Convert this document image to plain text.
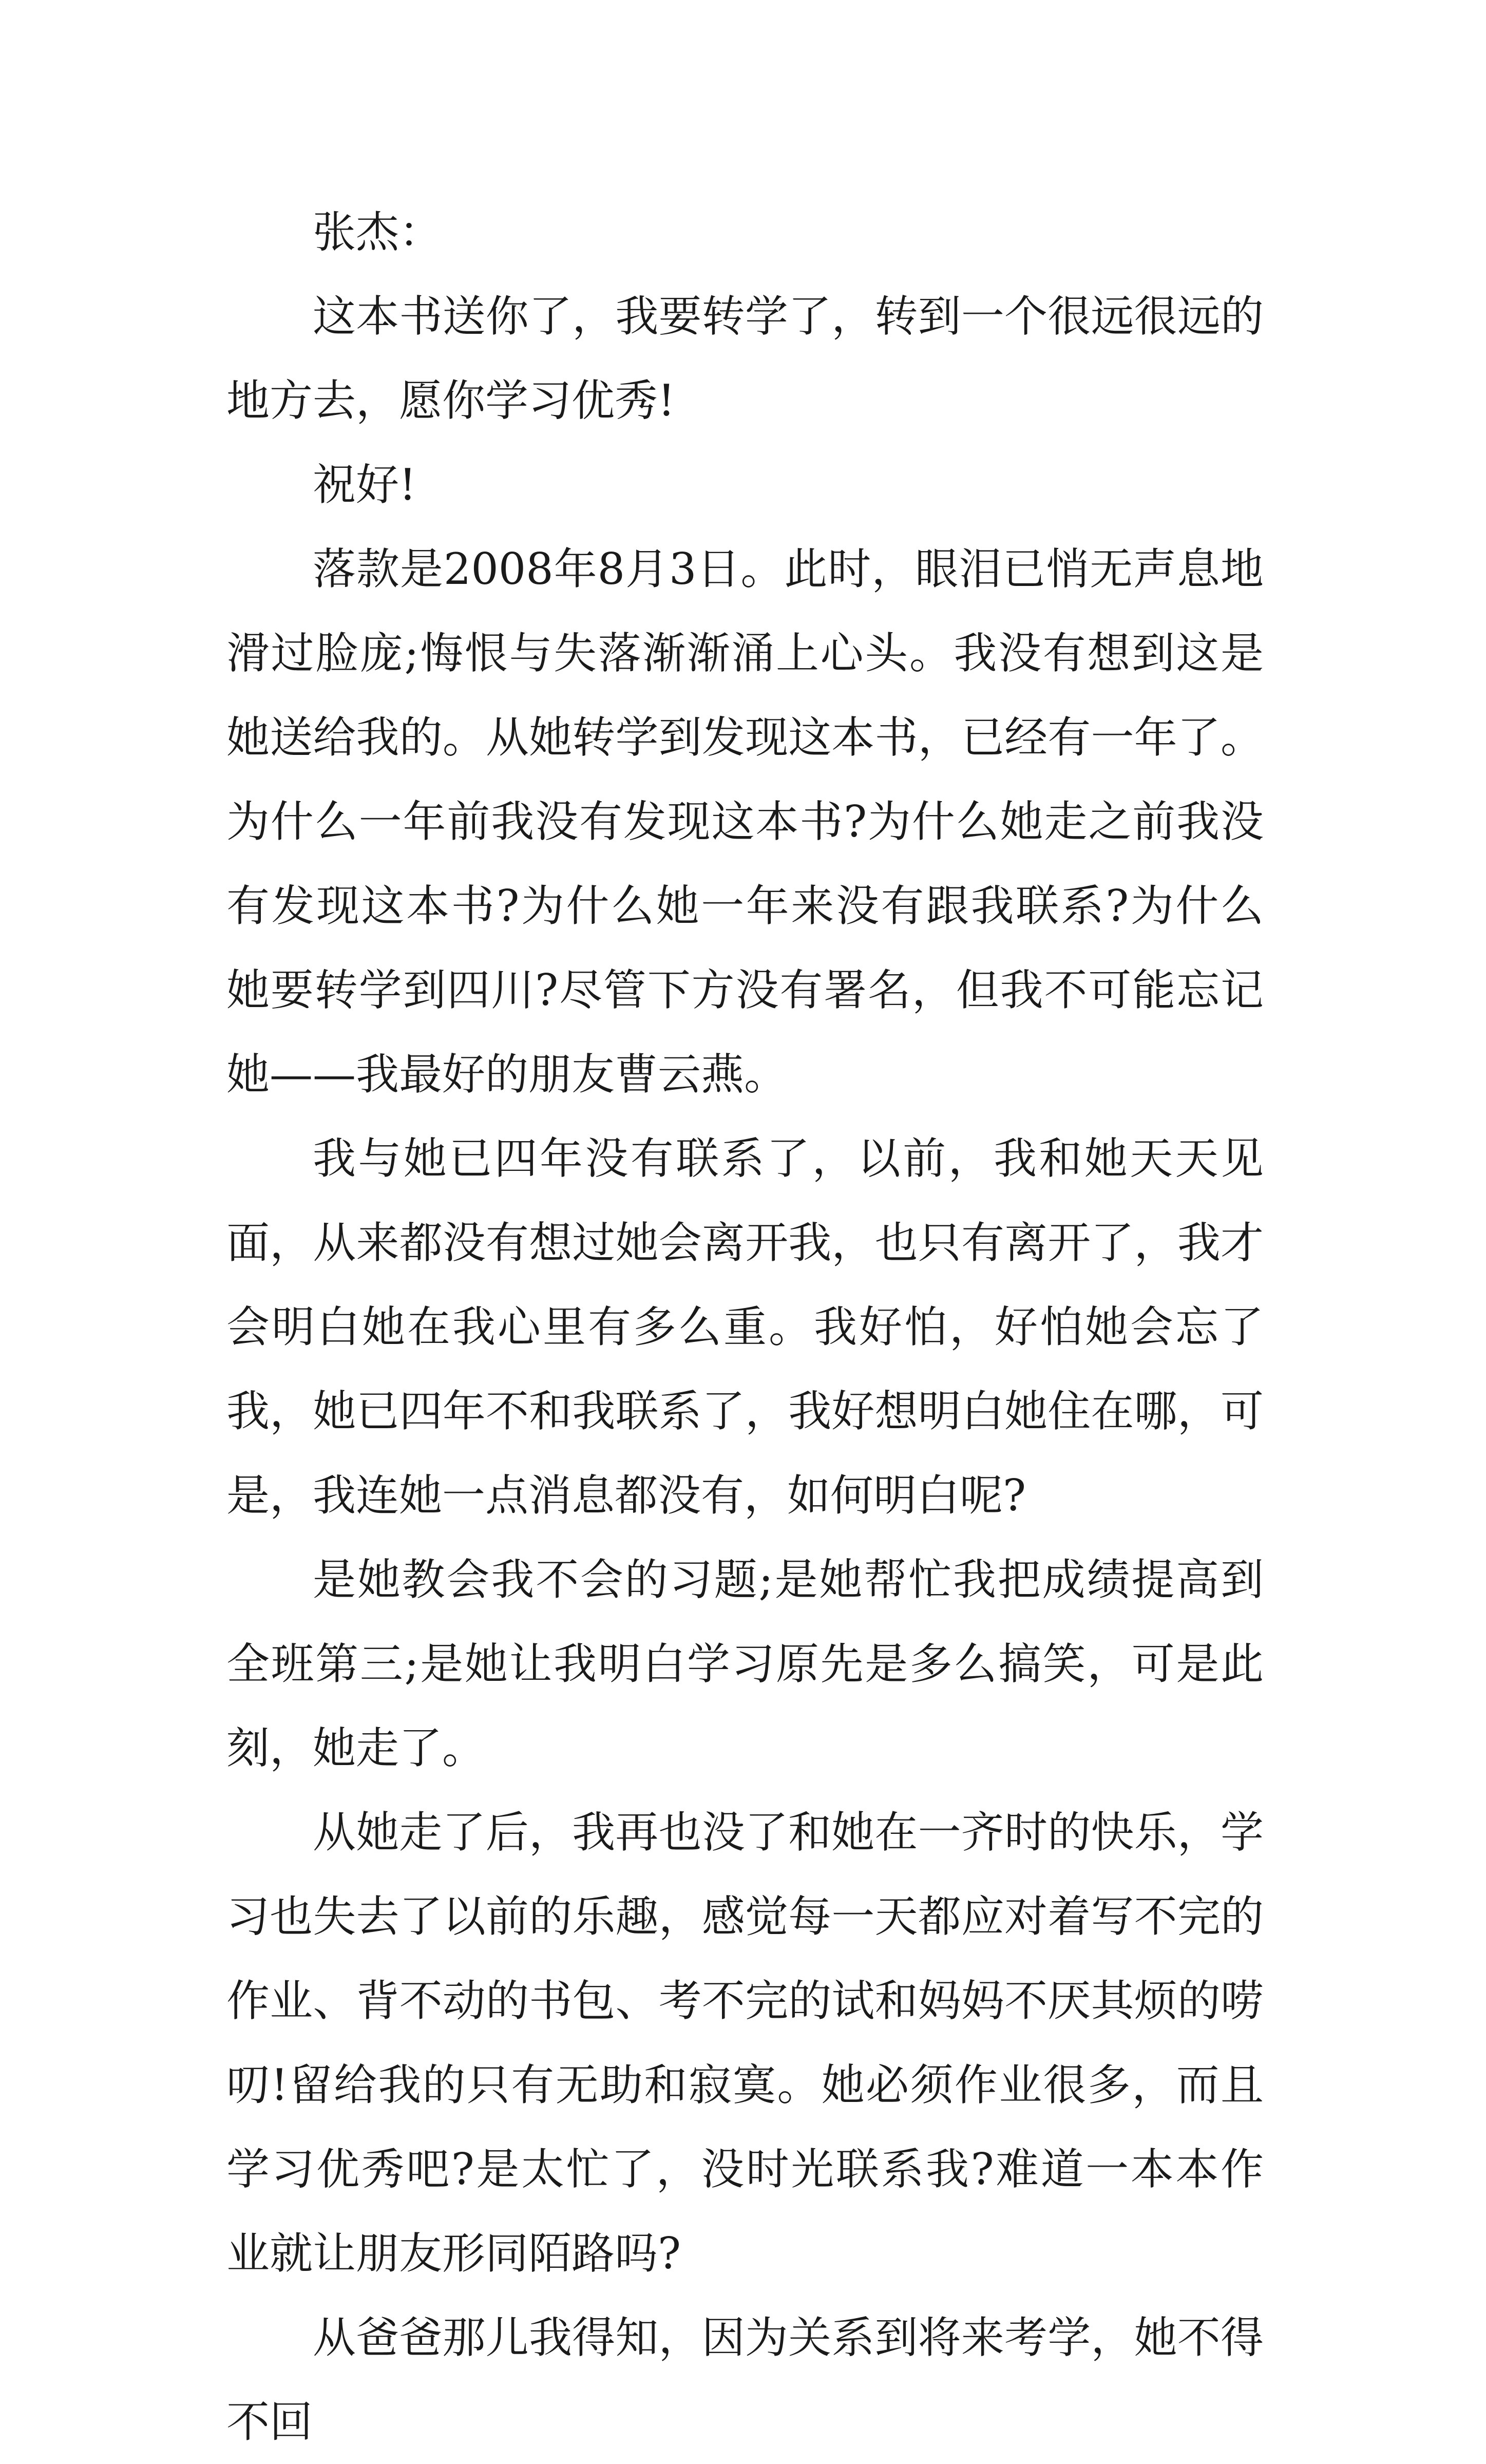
张杰：

这本书送你了，我要转学了，转到一个很远很远的地方去，愿你学习优秀!

祝好!

落款是2008年8月3日。此时，眼泪已悄无声息地滑过脸庞;悔恨与失落渐渐涌上心头。我没有想到这是她送给我的。从她转学到发现这本书，已经有一年了。为什么一年前我没有发现这本书?为什么她走之前我没有发现这本书?为什么她一年来没有跟我联系?为什么她要转学到四川?尽管下方没有署名，但我不可能忘记她——我最好的朋友曹云燕。

我与她已四年没有联系了，以前，我和她天天见面，从来都没有想过她会离开我，也只有离开了，我才会明白她在我心里有多么重。我好怕，好怕她会忘了我，她已四年不和我联系了，我好想明白她住在哪，可是，我连她一点消息都没有，如何明白呢?

是她教会我不会的习题;是她帮忙我把成绩提高到全班第三;是她让我明白学习原先是多么搞笑，可是此刻，她走了。

从她走了后，我再也没了和她在一齐时的快乐，学习也失去了以前的乐趣，感觉每一天都应对着写不完的作业、背不动的书包、考不完的试和妈妈不厌其烦的唠叨!留给我的只有无助和寂寞。她必须作业很多，而且学习优秀吧?是太忙了，没时光联系我?难道一本本作业就让朋友形同陌路吗?

从爸爸那儿我得知，因为关系到将来考学，她不得不回
